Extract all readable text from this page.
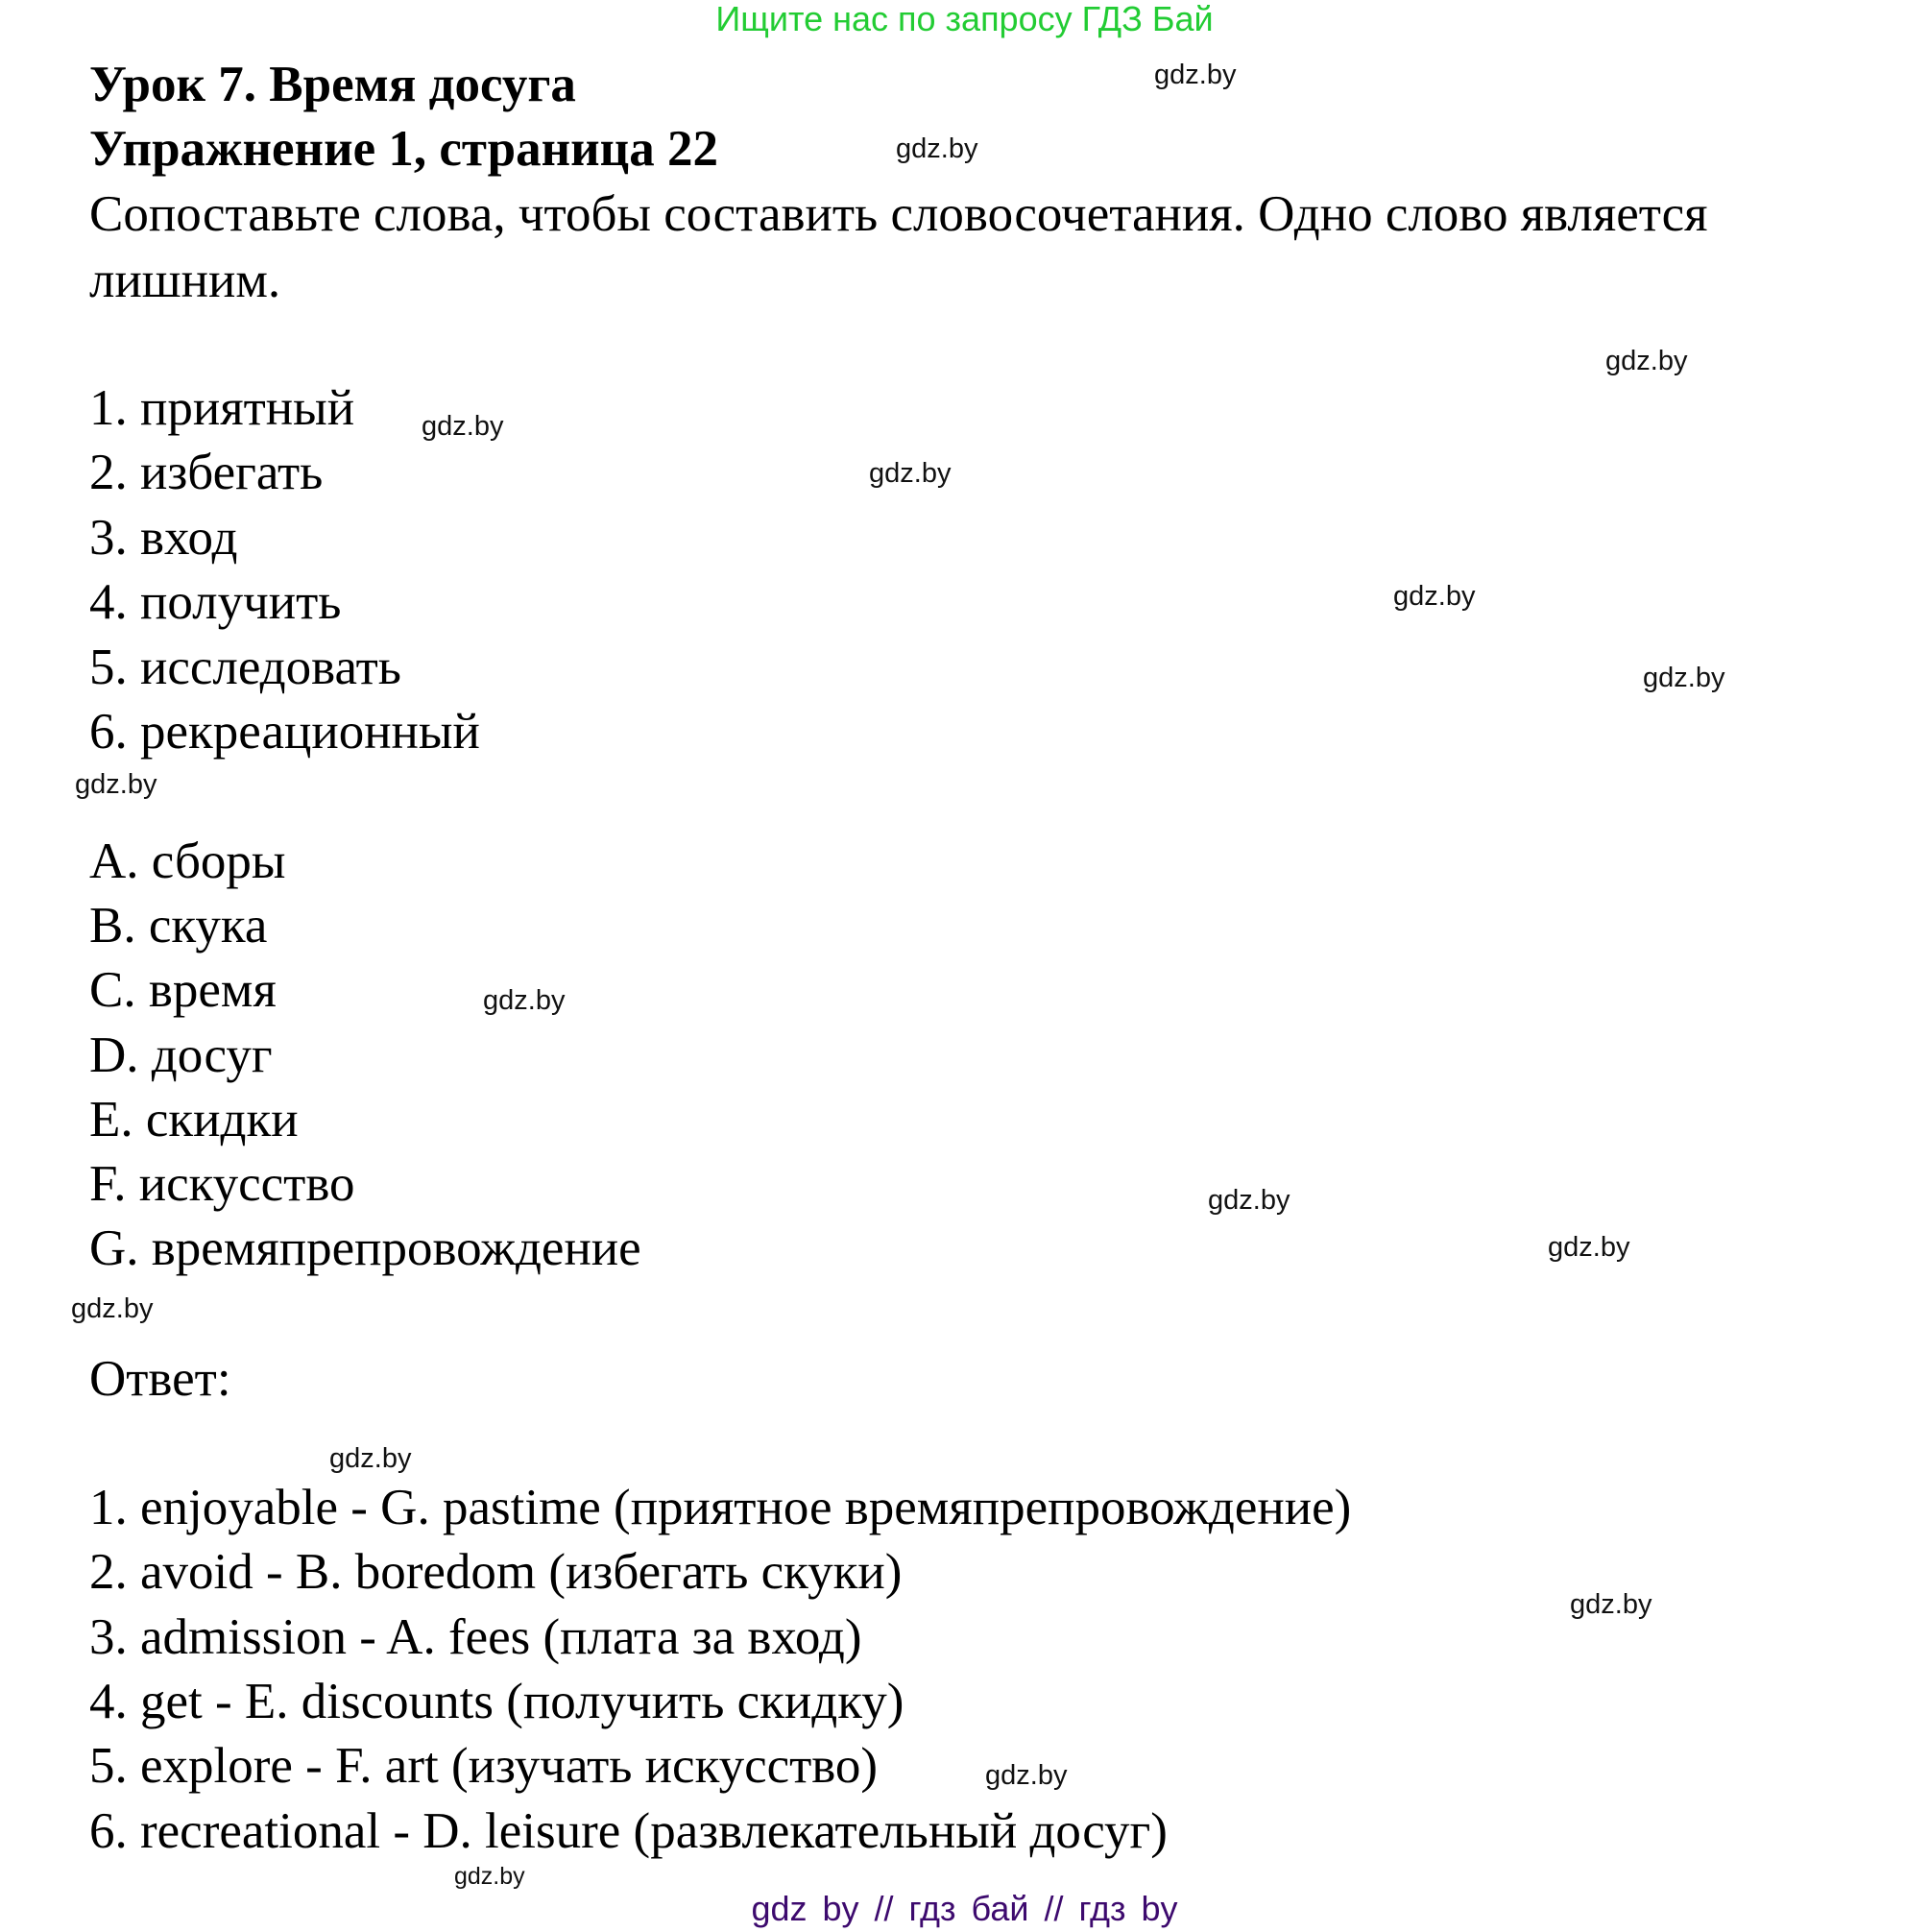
Ищите нас по запросу ГДЗ Бай
Урок 7. Время досуга
Упражнение 1, страница 22
Сопоставьте слова, чтобы составить словосочетания. Одно слово является
лишним.
1. приятный
2. избегать
3. вход
4. получить
5. исследовать
6. рекреационный
A. сборы
B. скука
C. время
D. досуг
E. скидки
F. искусство
G. времяпрепровождение
Ответ:
1. enjoyable - G. pastime (приятное времяпрепровождение)
2. avoid - B. boredom (избегать скуки)
3. admission - A. fees (плата за вход)
4. get - E. discounts (получить скидку)
5. explore - F. art (изучать искусство)
6. recreational - D. leisure (развлекательный досуг)
gdz.by
gdz.by
gdz.by
gdz.by
gdz.by
gdz.by
gdz.by
gdz.by
gdz.by
gdz.by
gdz.by
gdz.by
gdz.by
gdz.by
gdz.by
gdz.by
gdz by // гдз бай // гдз by
